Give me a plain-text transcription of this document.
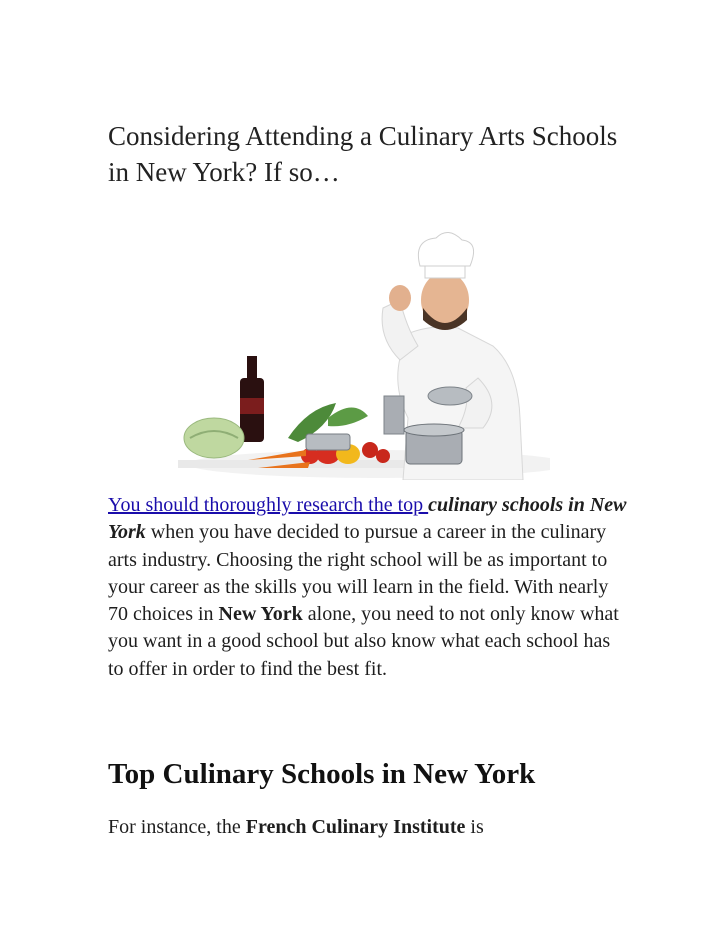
Considering Attending a Culinary Arts Schools in New York? If so…

You should thoroughly research the top culinary schools in New York when you have decided to pursue a career in the culinary arts industry. Choosing the right school will be as important to your career as the skills you will learn in the field. With nearly 70 choices in New York alone, you need to not only know what you want in a good school but also know what each school has to offer in order to find the best fit.

Top Culinary Schools in New York

For instance, the French Culinary Institute is
